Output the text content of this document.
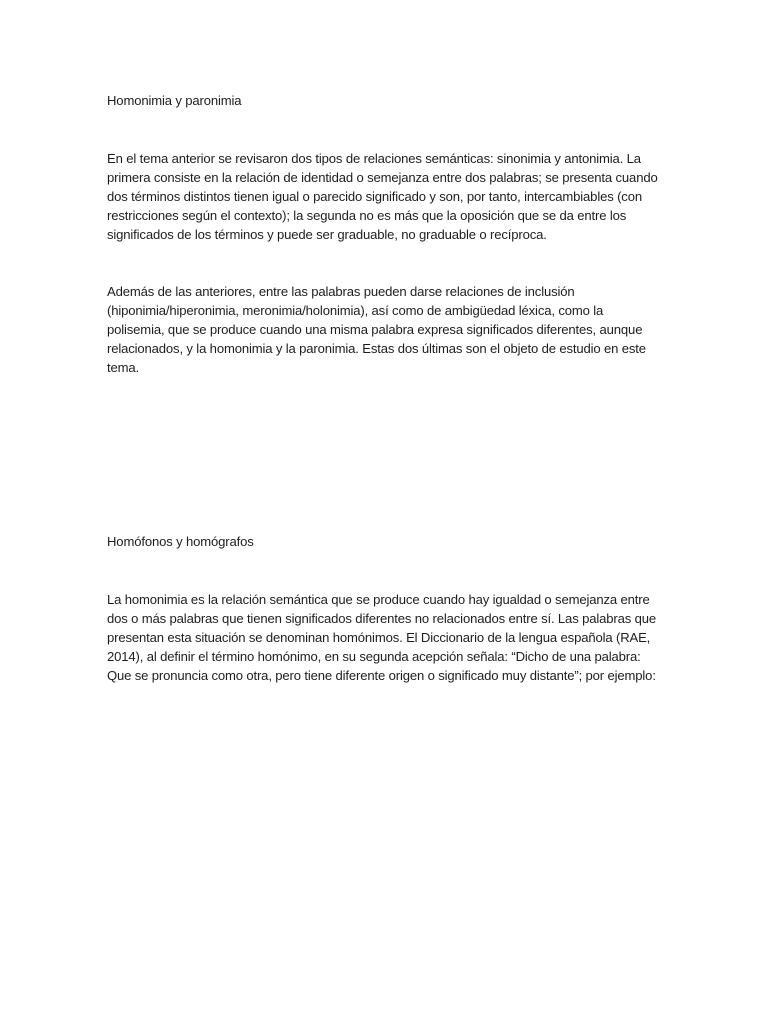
Homonimia y paronimia

En el tema anterior se revisaron dos tipos de relaciones semánticas: sinonimia y antonimia. La primera consiste en la relación de identidad o semejanza entre dos palabras; se presenta cuando dos términos distintos tienen igual o parecido significado y son, por tanto, intercambiables (con restricciones según el contexto); la segunda no es más que la oposición que se da entre los significados de los términos y puede ser graduable, no graduable o recíproca.

Además de las anteriores, entre las palabras pueden darse relaciones de inclusión (hiponimia/hiperonimia, meronimia/holonimia), así como de ambigüedad léxica, como la polisemia, que se produce cuando una misma palabra expresa significados diferentes, aunque relacionados, y la homonimia y la paronimia. Estas dos últimas son el objeto de estudio en este tema.

Homófonos y homógrafos

La homonimia es la relación semántica que se produce cuando hay igualdad o semejanza entre dos o más palabras que tienen significados diferentes no relacionados entre sí. Las palabras que presentan esta situación se denominan homónimos. El Diccionario de la lengua española (RAE, 2014), al definir el término homónimo, en su segunda acepción señala: “Dicho de una palabra: Que se pronuncia como otra, pero tiene diferente origen o significado muy distante”; por ejemplo:
